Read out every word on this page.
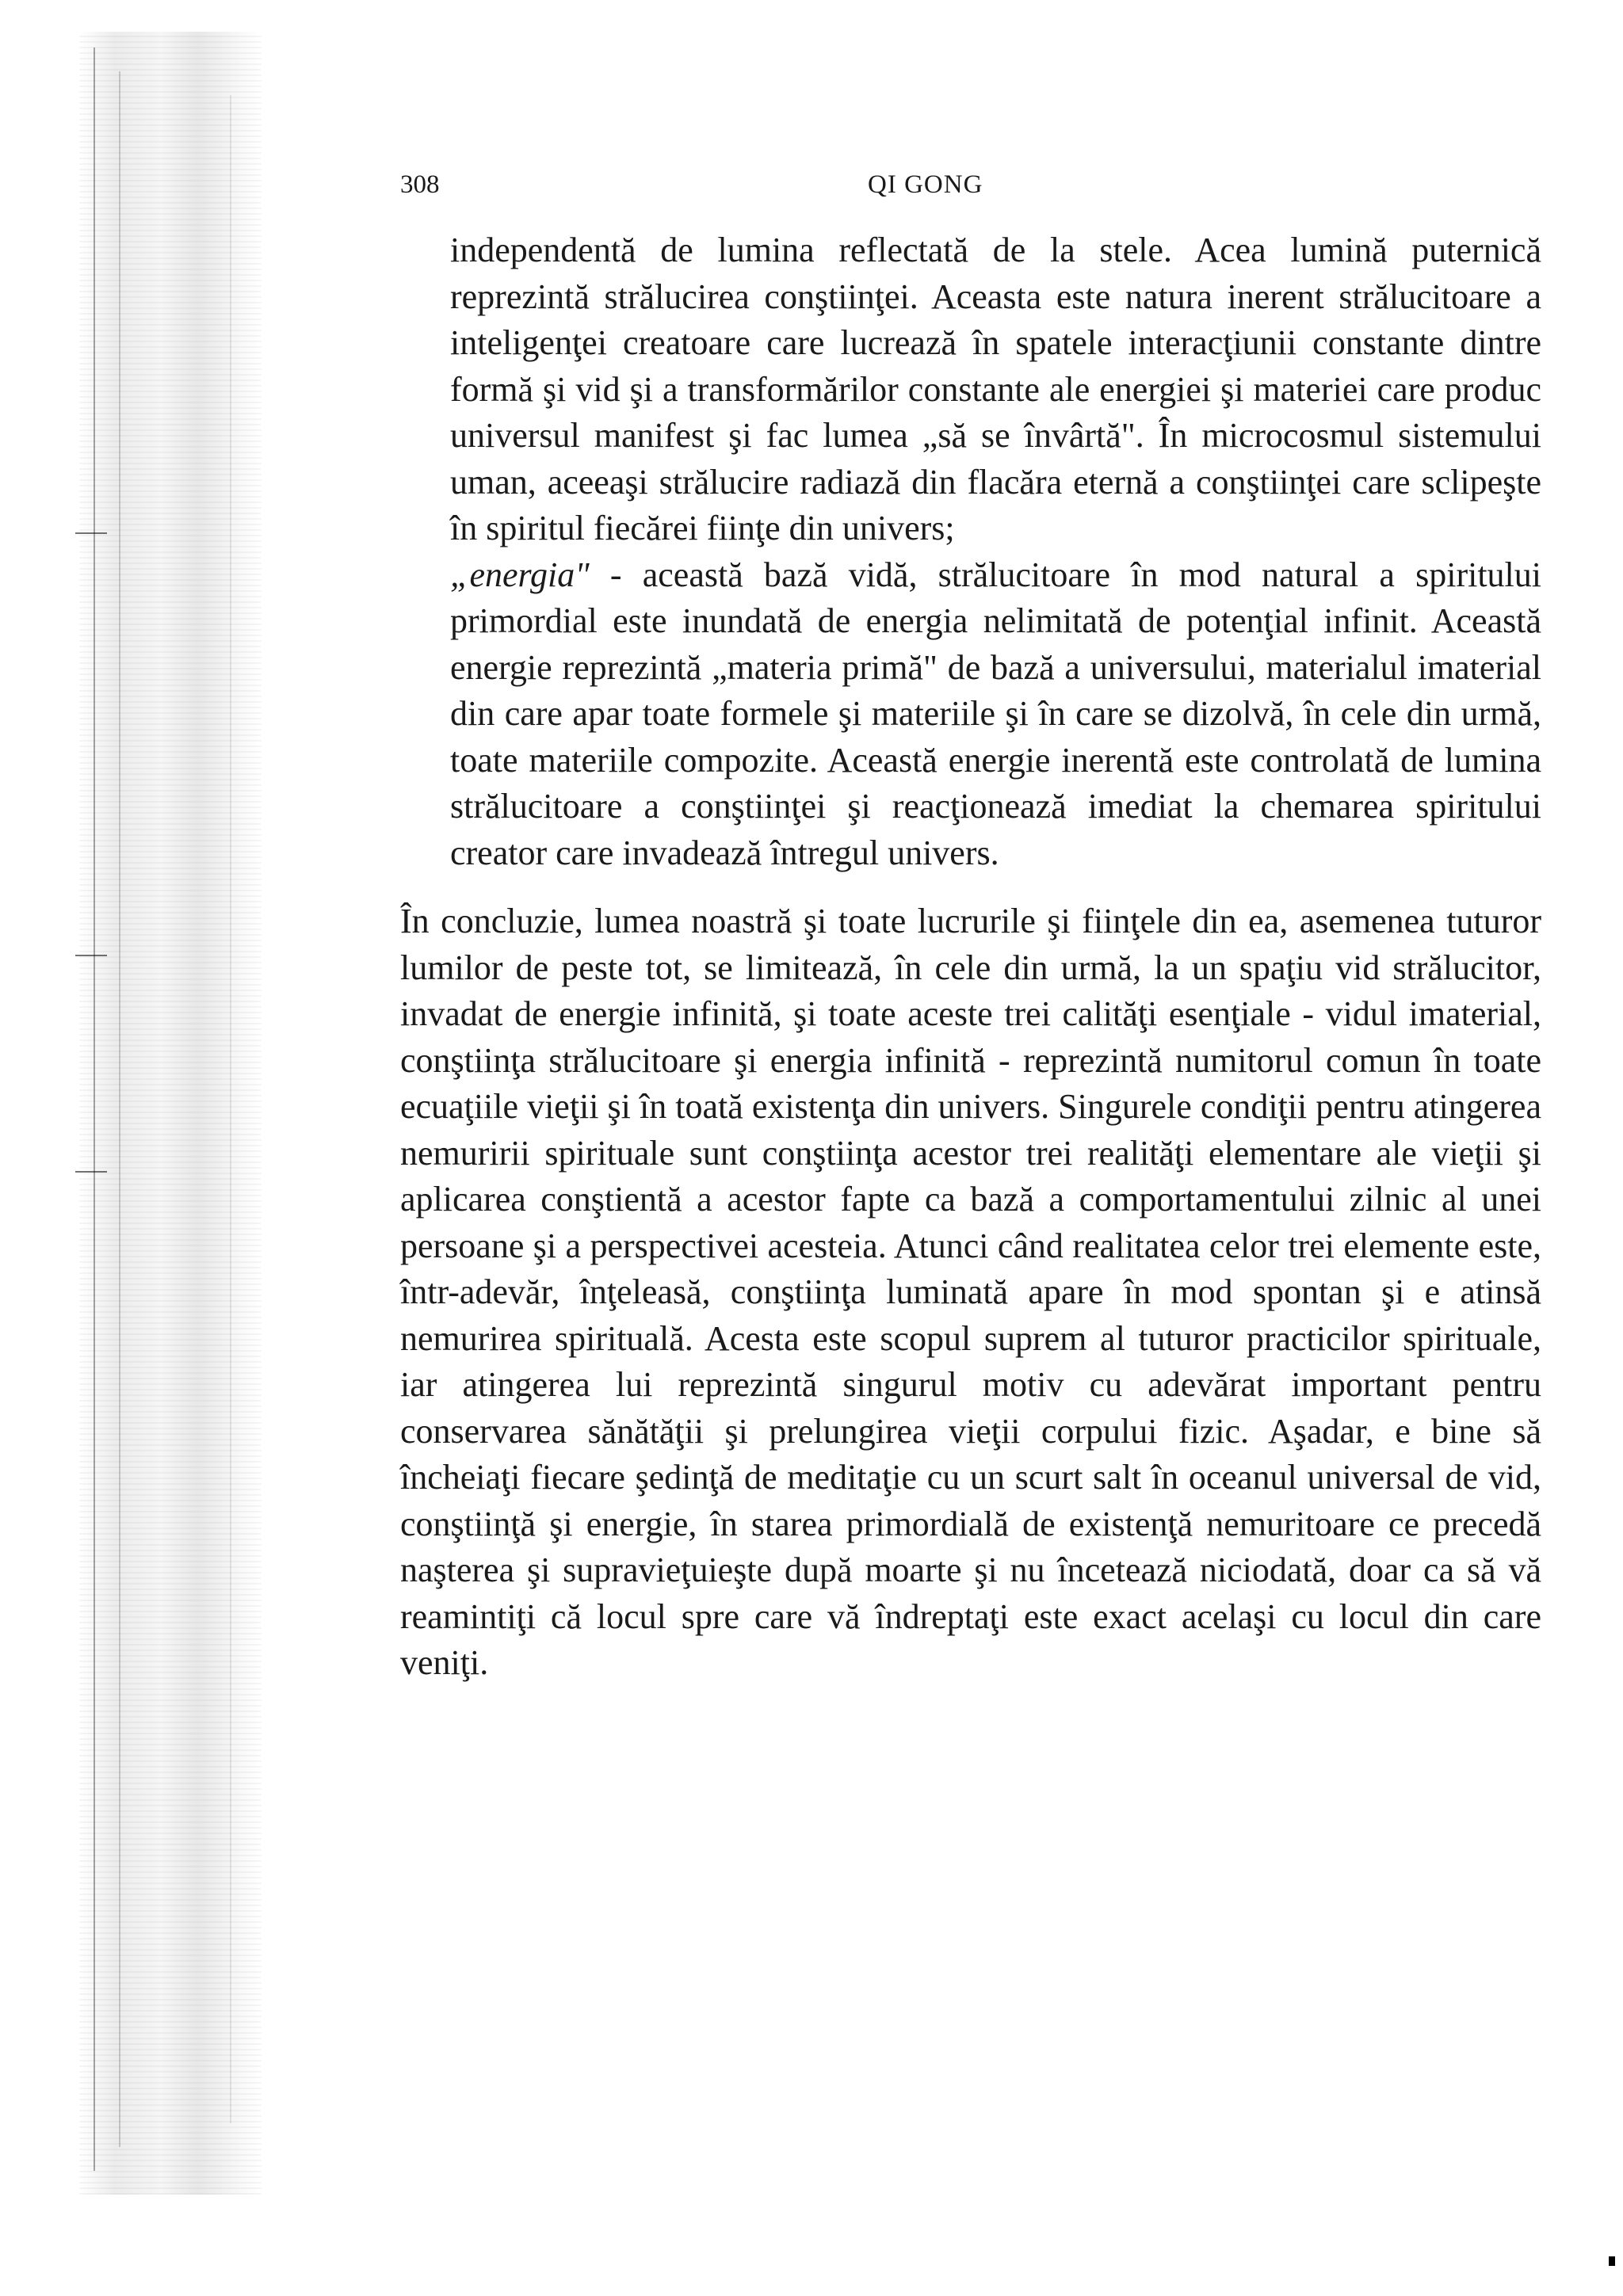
308	QI GONG

independentă de lumina reflectată de la stele. Acea lumină puternică reprezintă strălucirea conştiinţei. Aceasta este natura inerent strălucitoare a inteligenţei creatoare care lucrează în spatele interacţiunii constante dintre formă şi vid şi a transformărilor constante ale energiei şi materiei care produc universul manifest şi fac lumea „să se învârtă". În microcosmul sistemului uman, aceeaşi strălucire radiază din flacăra eternă a conştiinţei care sclipeşte în spiritul fiecărei fiinţe din univers;

„energia" - această bază vidă, strălucitoare în mod natural a spiritului primordial este inundată de energia nelimitată de potenţial infinit. Această energie reprezintă „materia primă" de bază a universului, materialul imaterial din care apar toate formele şi materiile şi în care se dizolvă, în cele din urmă, toate materiile compozite. Această energie inerentă este controlată de lumina strălucitoare a conştiinţei şi reacţionează imediat la chemarea spiritului creator care invadează întregul univers.

În concluzie, lumea noastră şi toate lucrurile şi fiinţele din ea, asemenea tuturor lumilor de peste tot, se limitează, în cele din urmă, la un spaţiu vid strălucitor, invadat de energie infinită, şi toate aceste trei calităţi esenţiale - vidul imaterial, conştiinţa strălucitoare şi energia infinită - reprezintă numitorul comun în toate ecuaţiile vieţii şi în toată existenţa din univers. Singurele condiţii pentru atingerea nemuririi spirituale sunt conştiinţa acestor trei realităţi elementare ale vieţii şi aplicarea conştientă a acestor fapte ca bază a comportamentului zilnic al unei persoane şi a perspectivei acesteia. Atunci când realitatea celor trei elemente este, într-adevăr, înţeleasă, conştiinţa luminată apare în mod spontan şi e atinsă nemurirea spirituală. Acesta este scopul suprem al tuturor practicilor spirituale, iar atingerea lui reprezintă singurul motiv cu adevărat important pentru conservarea sănătăţii şi prelungirea vieţii corpului fizic. Aşadar, e bine să încheiaţi fiecare şedinţă de meditaţie cu un scurt salt în oceanul universal de vid, conştiinţă şi energie, în starea primordială de existenţă nemuritoare ce precedă naşterea şi supravieţuieşte după moarte şi nu încetează niciodată, doar ca să vă reamintiţi că locul spre care vă îndreptaţi este exact acelaşi cu locul din care veniţi.
